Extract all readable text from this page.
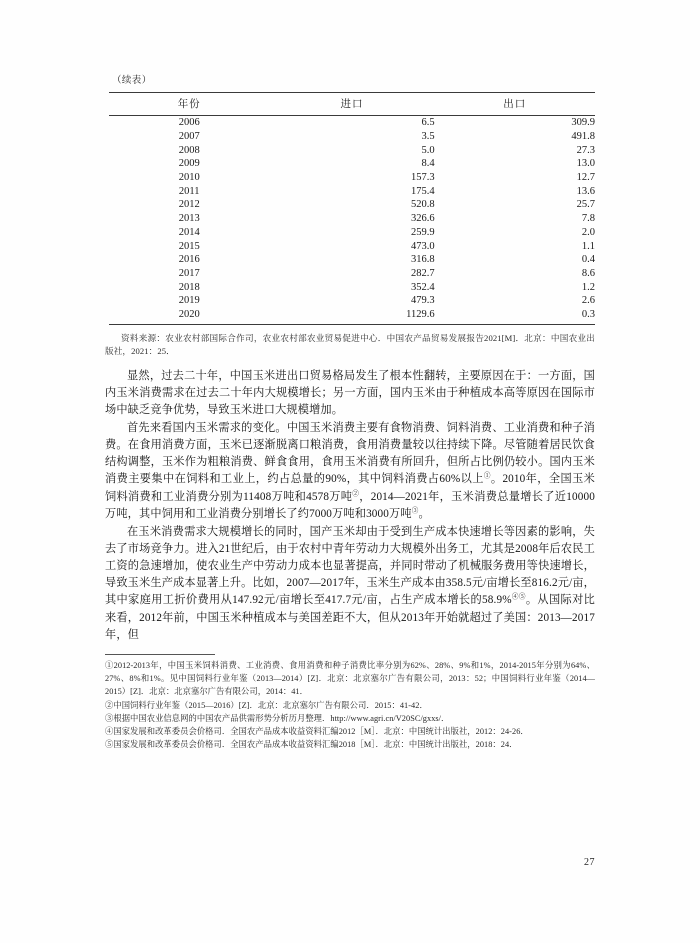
（续表）
年份	进口	出口
2006	6.5	309.9
2007	3.5	491.8
2008	5.0	27.3
2009	8.4	13.0
2010	157.3	12.7
2011	175.4	13.6
2012	520.8	25.7
2013	326.6	7.8
2014	259.9	2.0
2015	473.0	1.1
2016	316.8	0.4
2017	282.7	8.6
2018	352.4	1.2
2019	479.3	2.6
2020	1129.6	0.3
资料来源：农业农村部国际合作司，农业农村部农业贸易促进中心．中国农产品贸易发展报告2021[M]．北京：中国农业出版社，2021：25．

显然，过去二十年，中国玉米进出口贸易格局发生了根本性翻转，主要原因在于：一方面，国内玉米消费需求在过去二十年内大规模增长；另一方面，国内玉米由于种植成本高等原因在国际市场中缺乏竞争优势，导致玉米进口大规模增加。

首先来看国内玉米需求的变化。中国玉米消费主要有食物消费、饲料消费、工业消费和种子消费。在食用消费方面，玉米已逐渐脱离口粮消费，食用消费量较以往持续下降。尽管随着居民饮食结构调整，玉米作为粗粮消费、鲜食食用，食用玉米消费有所回升，但所占比例仍较小。国内玉米消费主要集中在饲料和工业上，约占总量的90%，其中饲料消费占60%以上①。2010年，全国玉米饲料消费和工业消费分别为11408万吨和4578万吨②，2014—2021年，玉米消费总量增长了近10000万吨，其中饲用和工业消费分别增长了约7000万吨和3000万吨③。

在玉米消费需求大规模增长的同时，国产玉米却由于受到生产成本快速增长等因素的影响，失去了市场竞争力。进入21世纪后，由于农村中青年劳动力大规模外出务工，尤其是2008年后农民工工资的急速增加，使农业生产中劳动力成本也显著提高，并同时带动了机械服务费用等快速增长，导致玉米生产成本显著上升。比如，2007—2017年，玉米生产成本由358.5元/亩增长至816.2元/亩，其中家庭用工折价费用从147.92元/亩增长至417.7元/亩，占生产成本增长的58.9%④⑤。从国际对比来看，2012年前，中国玉米种植成本与美国差距不大，但从2013年开始就超过了美国：2013—2017年，但

①2012-2013年，中国玉米饲料消费、工业消费、食用消费和种子消费比率分别为62%、28%、9%和1%，2014-2015年分别为64%、27%、8%和1%。见中国饲料行业年鉴（2013—2014）[Z]．北京：北京塞尔广告有限公司，2013：52；中国饲料行业年鉴（2014—2015）[Z]．北京：北京塞尔广告有限公司，2014：41．

②中国饲料行业年鉴（2015—2016）[Z]．北京：北京塞尔广告有限公司．2015：41-42．

③根据中国农业信息网的中国农产品供需形势分析历月整理．http://www.agri.cn/V20SC/gxxs/．

④国家发展和改革委员会价格司．全国农产品成本收益资料汇编2012［M］．北京：中国统计出版社，2012：24-26．

⑤国家发展和改革委员会价格司．全国农产品成本收益资料汇编2018［M］．北京：中国统计出版社，2018：24．

27
